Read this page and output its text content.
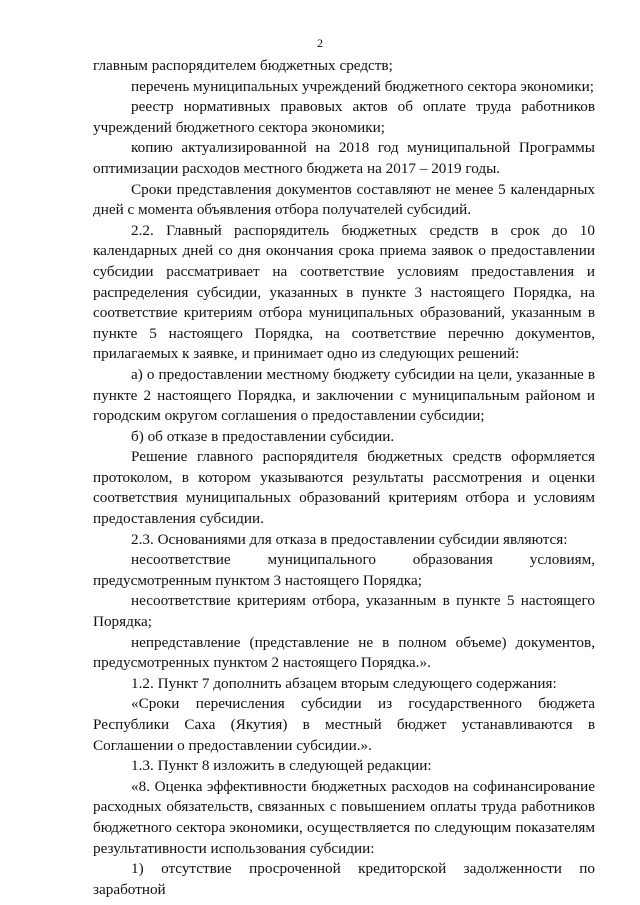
2

главным распорядителем бюджетных средств;

перечень муниципальных учреждений бюджетного сектора экономики;

реестр нормативных правовых актов об оплате труда работников учреждений бюджетного сектора экономики;

копию актуализированной на 2018 год муниципальной Программы оптимизации расходов местного бюджета на 2017 – 2019 годы.

Сроки представления документов составляют не менее 5 календарных дней с момента объявления отбора получателей субсидий.

2.2. Главный распорядитель бюджетных средств в срок до 10 календарных дней со дня окончания срока приема заявок о предоставлении субсидии рассматривает на соответствие условиям предоставления и распределения субсидии, указанных в пункте 3 настоящего Порядка, на соответствие критериям отбора муниципальных образований, указанным в пункте 5 настоящего Порядка, на соответствие перечню документов, прилагаемых к заявке, и принимает одно из следующих решений:

а) о предоставлении местному бюджету субсидии на цели, указанные в пункте 2 настоящего Порядка, и заключении с муниципальным районом и городским округом соглашения о предоставлении субсидии;

б) об отказе в предоставлении субсидии.

Решение главного распорядителя бюджетных средств оформляется протоколом, в котором указываются результаты рассмотрения и оценки соответствия муниципальных образований критериям отбора и условиям предоставления субсидии.

2.3. Основаниями для отказа в предоставлении субсидии являются:

несоответствие муниципального образования условиям, предусмотренным пунктом 3 настоящего Порядка;

несоответствие критериям отбора, указанным в пункте 5 настоящего Порядка;

непредставление (представление не в полном объеме) документов, предусмотренных пунктом 2 настоящего Порядка.».

1.2. Пункт 7 дополнить абзацем вторым следующего содержания:

«Сроки перечисления субсидии из государственного бюджета Республики Саха (Якутия) в местный бюджет устанавливаются в Соглашении о предоставлении субсидии.».

1.3. Пункт 8 изложить в следующей редакции:

«8. Оценка эффективности бюджетных расходов на софинансирование расходных обязательств, связанных с повышением оплаты труда работников бюджетного сектора экономики, осуществляется по следующим показателям результативности использования субсидии:

1) отсутствие просроченной кредиторской задолженности по заработной
